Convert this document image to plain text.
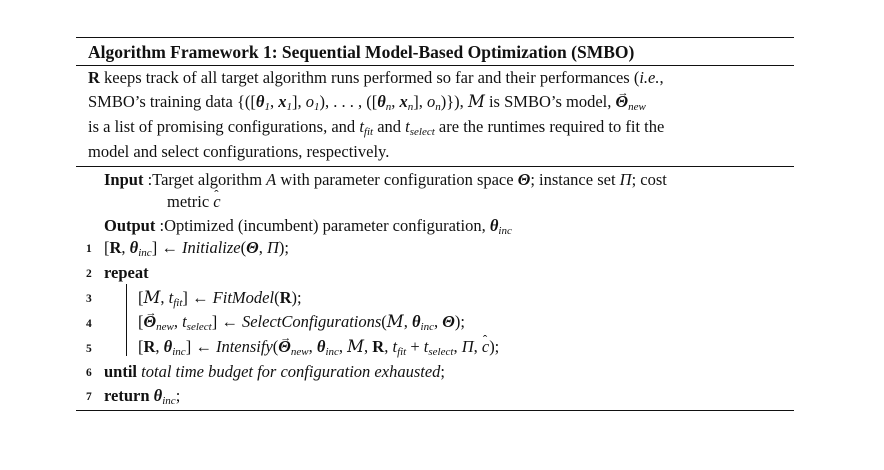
Algorithm Framework 1: Sequential Model-Based Optimization (SMBO)
R keeps track of all target algorithm runs performed so far and their performances (i.e.,
SMBO’s training data {([$\theta_1$, $x_1$], $o_1$), . . . , ([$\theta_n$, $x_n$], $o_n$)}), M is SMBO’s model, → $\Theta_{new}$
is a list of promising configurations, and $t_{fit}$ and $t_{select}$ are the runtimes required to fit the
model and select configurations, respectively.
Input :Target algorithm A with parameter configuration space Θ; instance set Π; cost
metric ˆ c
Output :Optimized (incumbent) parameter configuration, $\theta_{inc}$
1 [R, $\theta_{inc}$] ← Initialize(Θ, Π);
2 repeat
3	[M, $t_{fit}$] ← FitModel(R);
4	[→ $\Theta_{new}$, $t_{select}$] ← SelectConfigurations(M, $\theta_{inc}$, Θ);
5	[R, $\theta_{inc}$] ← Intensify(→ $\Theta_{new}$, $\theta_{inc}$, M, R, $t_{fit} + t_{select}$, Π, ˆ c);
6 until total time budget for configuration exhausted;
7 return $\theta_{inc}$;
